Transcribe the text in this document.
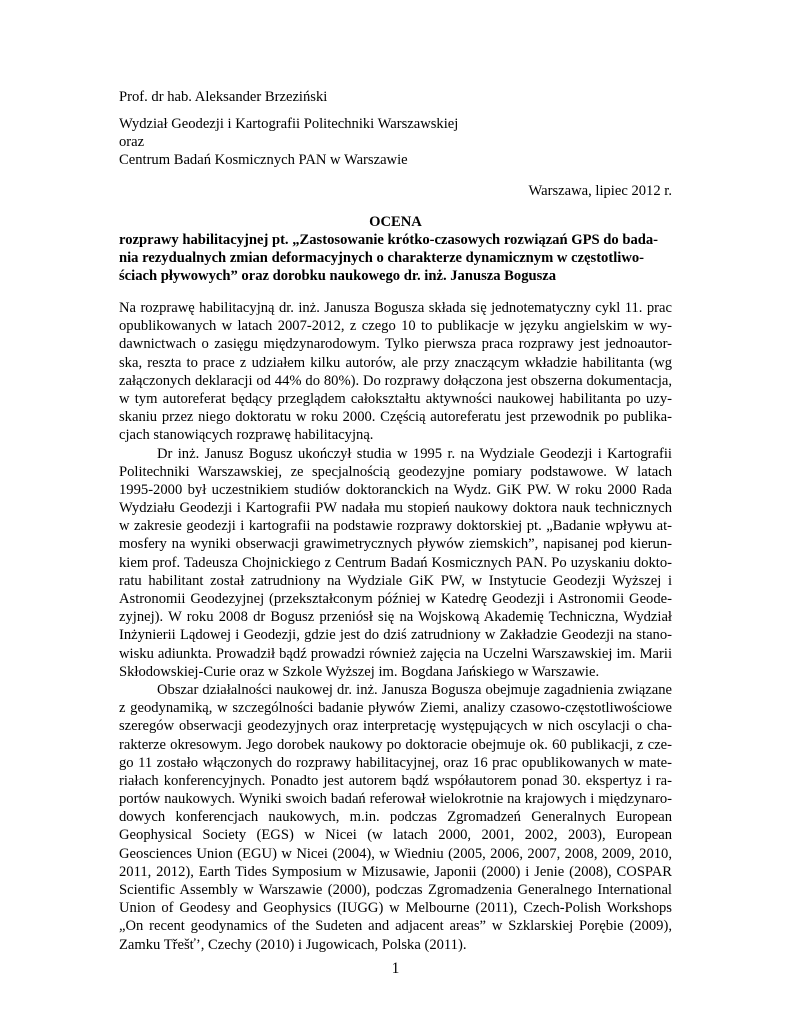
Prof. dr hab. Aleksander Brzeziński
Wydział Geodezji i Kartografii Politechniki Warszawskiej
oraz
Centrum Badań Kosmicznych PAN w Warszawie
Warszawa, lipiec 2012 r.
OCENA
rozprawy habilitacyjnej pt. „Zastosowanie krótko-czasowych rozwiązań GPS do bada-
nia rezydualnych zmian deformacyjnych o charakterze dynamicznym w częstotliwo-
ściach pływowych” oraz dorobku naukowego dr. inż. Janusza Bogusza
Na rozprawę habilitacyjną dr. inż. Janusza Bogusza składa się jednotematyczny cykl 11. prac
opublikowanych w latach 2007-2012, z czego 10 to publikacje w języku angielskim w wy-
dawnictwach o zasięgu międzynarodowym. Tylko pierwsza praca rozprawy jest jednoautor-
ska, reszta to prace z udziałem kilku autorów, ale przy znaczącym wkładzie habilitanta (wg
załączonych deklaracji od 44% do 80%). Do rozprawy dołączona jest obszerna dokumentacja,
w tym autoreferat będący przeglądem całokształtu aktywności naukowej habilitanta po uzy-
skaniu przez niego doktoratu w roku 2000. Częścią autoreferatu jest przewodnik po publika-
cjach stanowiących rozprawę habilitacyjną.
Dr inż. Janusz Bogusz ukończył studia w 1995 r. na Wydziale Geodezji i Kartografii
Politechniki Warszawskiej, ze specjalnością geodezyjne pomiary podstawowe. W latach
1995-2000 był uczestnikiem studiów doktoranckich na Wydz. GiK PW. W roku 2000 Rada
Wydziału Geodezji i Kartografii PW nadała mu stopień naukowy doktora nauk technicznych
w zakresie geodezji i kartografii na podstawie rozprawy doktorskiej pt. „Badanie wpływu at-
mosfery na wyniki obserwacji grawimetrycznych pływów ziemskich”, napisanej pod kierun-
kiem prof. Tadeusza Chojnickiego z Centrum Badań Kosmicznych PAN. Po uzyskaniu dokto-
ratu habilitant został zatrudniony na Wydziale GiK PW, w Instytucie Geodezji Wyższej i
Astronomii Geodezyjnej (przekształconym później w Katedrę Geodezji i Astronomii Geode-
zyjnej). W roku 2008 dr Bogusz przeniósł się na Wojskową Akademię Techniczna, Wydział
Inżynierii Lądowej i Geodezji, gdzie jest do dziś zatrudniony w Zakładzie Geodezji na stano-
wisku adiunkta. Prowadził bądź prowadzi również zajęcia na Uczelni Warszawskiej im. Marii
Skłodowskiej-Curie oraz w Szkole Wyższej im. Bogdana Jańskiego w Warszawie.
Obszar działalności naukowej dr. inż. Janusza Bogusza obejmuje zagadnienia związane
z geodynamiką, w szczególności badanie pływów Ziemi, analizy czasowo-częstotliwościowe
szeregów obserwacji geodezyjnych oraz interpretację występujących w nich oscylacji o cha-
rakterze okresowym. Jego dorobek naukowy po doktoracie obejmuje ok. 60 publikacji, z cze-
go 11 zostało włączonych do rozprawy habilitacyjnej, oraz 16 prac opublikowanych w mate-
riałach konferencyjnych. Ponadto jest autorem bądź współautorem ponad 30. ekspertyz i ra-
portów naukowych. Wyniki swoich badań referował wielokrotnie na krajowych i międzynaro-
dowych konferencjach naukowych, m.in. podczas Zgromadzeń Generalnych European
Geophysical Society (EGS) w Nicei (w latach 2000, 2001, 2002, 2003), European
Geosciences Union (EGU) w Nicei (2004), w Wiedniu (2005, 2006, 2007, 2008, 2009, 2010,
2011, 2012), Earth Tides Symposium w Mizusawie, Japonii (2000) i Jenie (2008), COSPAR
Scientific Assembly w Warszawie (2000), podczas Zgromadzenia Generalnego International
Union of Geodesy and Geophysics (IUGG) w Melbourne (2011), Czech-Polish Workshops
„On recent geodynamics of the Sudeten and adjacent areas” w Szklarskiej Porębie (2009),
Zamku Třešť’, Czechy (2010) i Jugowicach, Polska (2011).
1
